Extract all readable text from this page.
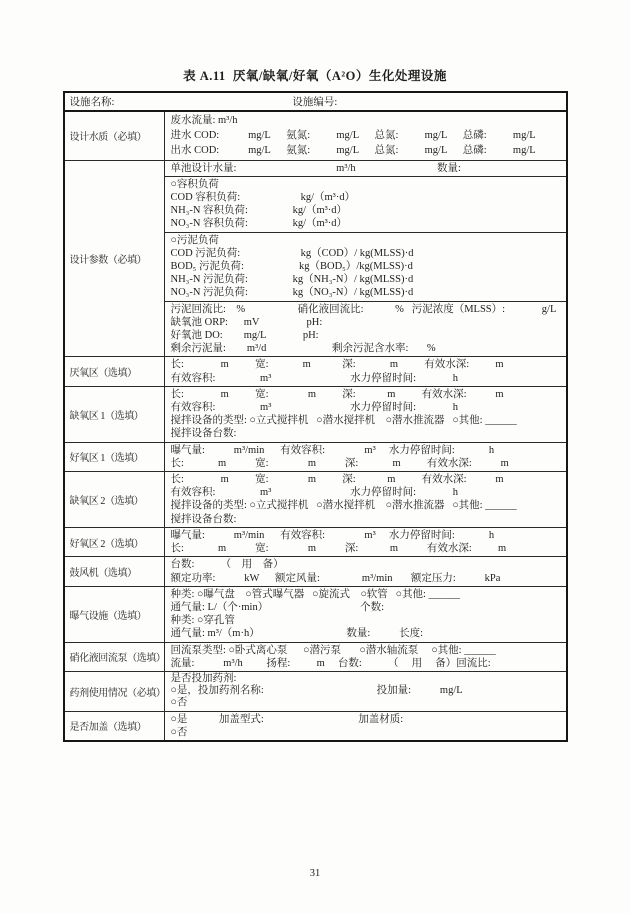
表 A.11  厌氧/缺氧/好氧（A²O）生化处理设施
设施名称:	设施编号:
设计水质（必填）
废水流量: m³/h
进水 COD:           mg/L      氨氮:          mg/L      总氮:          mg/L      总磷:          mg/L
出水 COD:           mg/L      氨氮:          mg/L      总氮:          mg/L      总磷:          mg/L
设计参数（必填）
单池设计水量:                                      m³/h                               数量:
○容积负荷
COD 容积负荷:                       kg/（m³·d）
NH₃-N 容积负荷:                 kg/（m³·d）
NO₃-N 容积负荷:                 kg/（m³·d）
○污泥负荷
COD 污泥负荷:                       kg（COD）/ kg(MLSS)·d
BOD₅ 污泥负荷:                     kg（BOD₅）/kg(MLSS)·d
NH₃-N 污泥负荷:                 kg（NH₃-N）/ kg(MLSS)·d
NO₃-N 污泥负荷:                 kg（NO₃-N）/ kg(MLSS)·d
污泥回流比:    %                    硝化液回流比:            %   污泥浓度（MLSS）:              g/L
缺氧池 ORP:      mV                  pH:
好氧池 DO:        mg/L              pH:
剩余污泥量:        m³/d                         剩余污泥含水率:       %
厌氧区（选填）
长:              m          宽:             m            深:             m          有效水深:          m
有效容积:                 m³                              水力停留时间:              h
缺氧区 1（选填）
长:              m          宽:               m          深:            m          有效水深:           m
有效容积:                 m³                              水力停留时间:              h
搅拌设备的类型: ○立式搅拌机   ○潜水搅拌机    ○潜水推流器   ○其他: ______
搅拌设备台数:
好氧区 1（选填）
曝气量:           m³/min      有效容积:               m³     水力停留时间:             h
长:             m           宽:               m           深:             m          有效水深:           m
缺氧区 2（选填）
长:              m          宽:               m          深:            m          有效水深:           m
有效容积:                 m³                              水力停留时间:              h
搅拌设备的类型: ○立式搅拌机   ○潜水搅拌机    ○潜水推流器   ○其他: ______
搅拌设备台数:
好氧区 2（选填）
曝气量:           m³/min      有效容积:               m³     水力停留时间:             h
长:             m           宽:               m           深:            m           有效水深:          m
鼓风机（选填）
台数:          （    用    备）
额定功率:           kW      额定风量:                m³/min       额定压力:           kPa
曝气设施（选填）
种类: ○曝气盘    ○管式曝气器   ○旋流式    ○软管   ○其他: ______
通气量: L/（个·min）                                   个数:
种类: ○穿孔管
通气量: m³/（m·h）                                 数量:           长度:
硝化液回流泵（选填）
回流泵类型: ○卧式离心泵      ○潜污泵       ○潜水轴流泵     ○其他: ______
流量:           m³/h         扬程:          m     台数:          （     用     备）回流比:
药剂使用情况（必填）
是否投加药剂:
○是，投加药剂名称:                                           投加量:           mg/L
○否
是否加盖（选填）
○是            加盖型式:                                    加盖材质:
○否
31
